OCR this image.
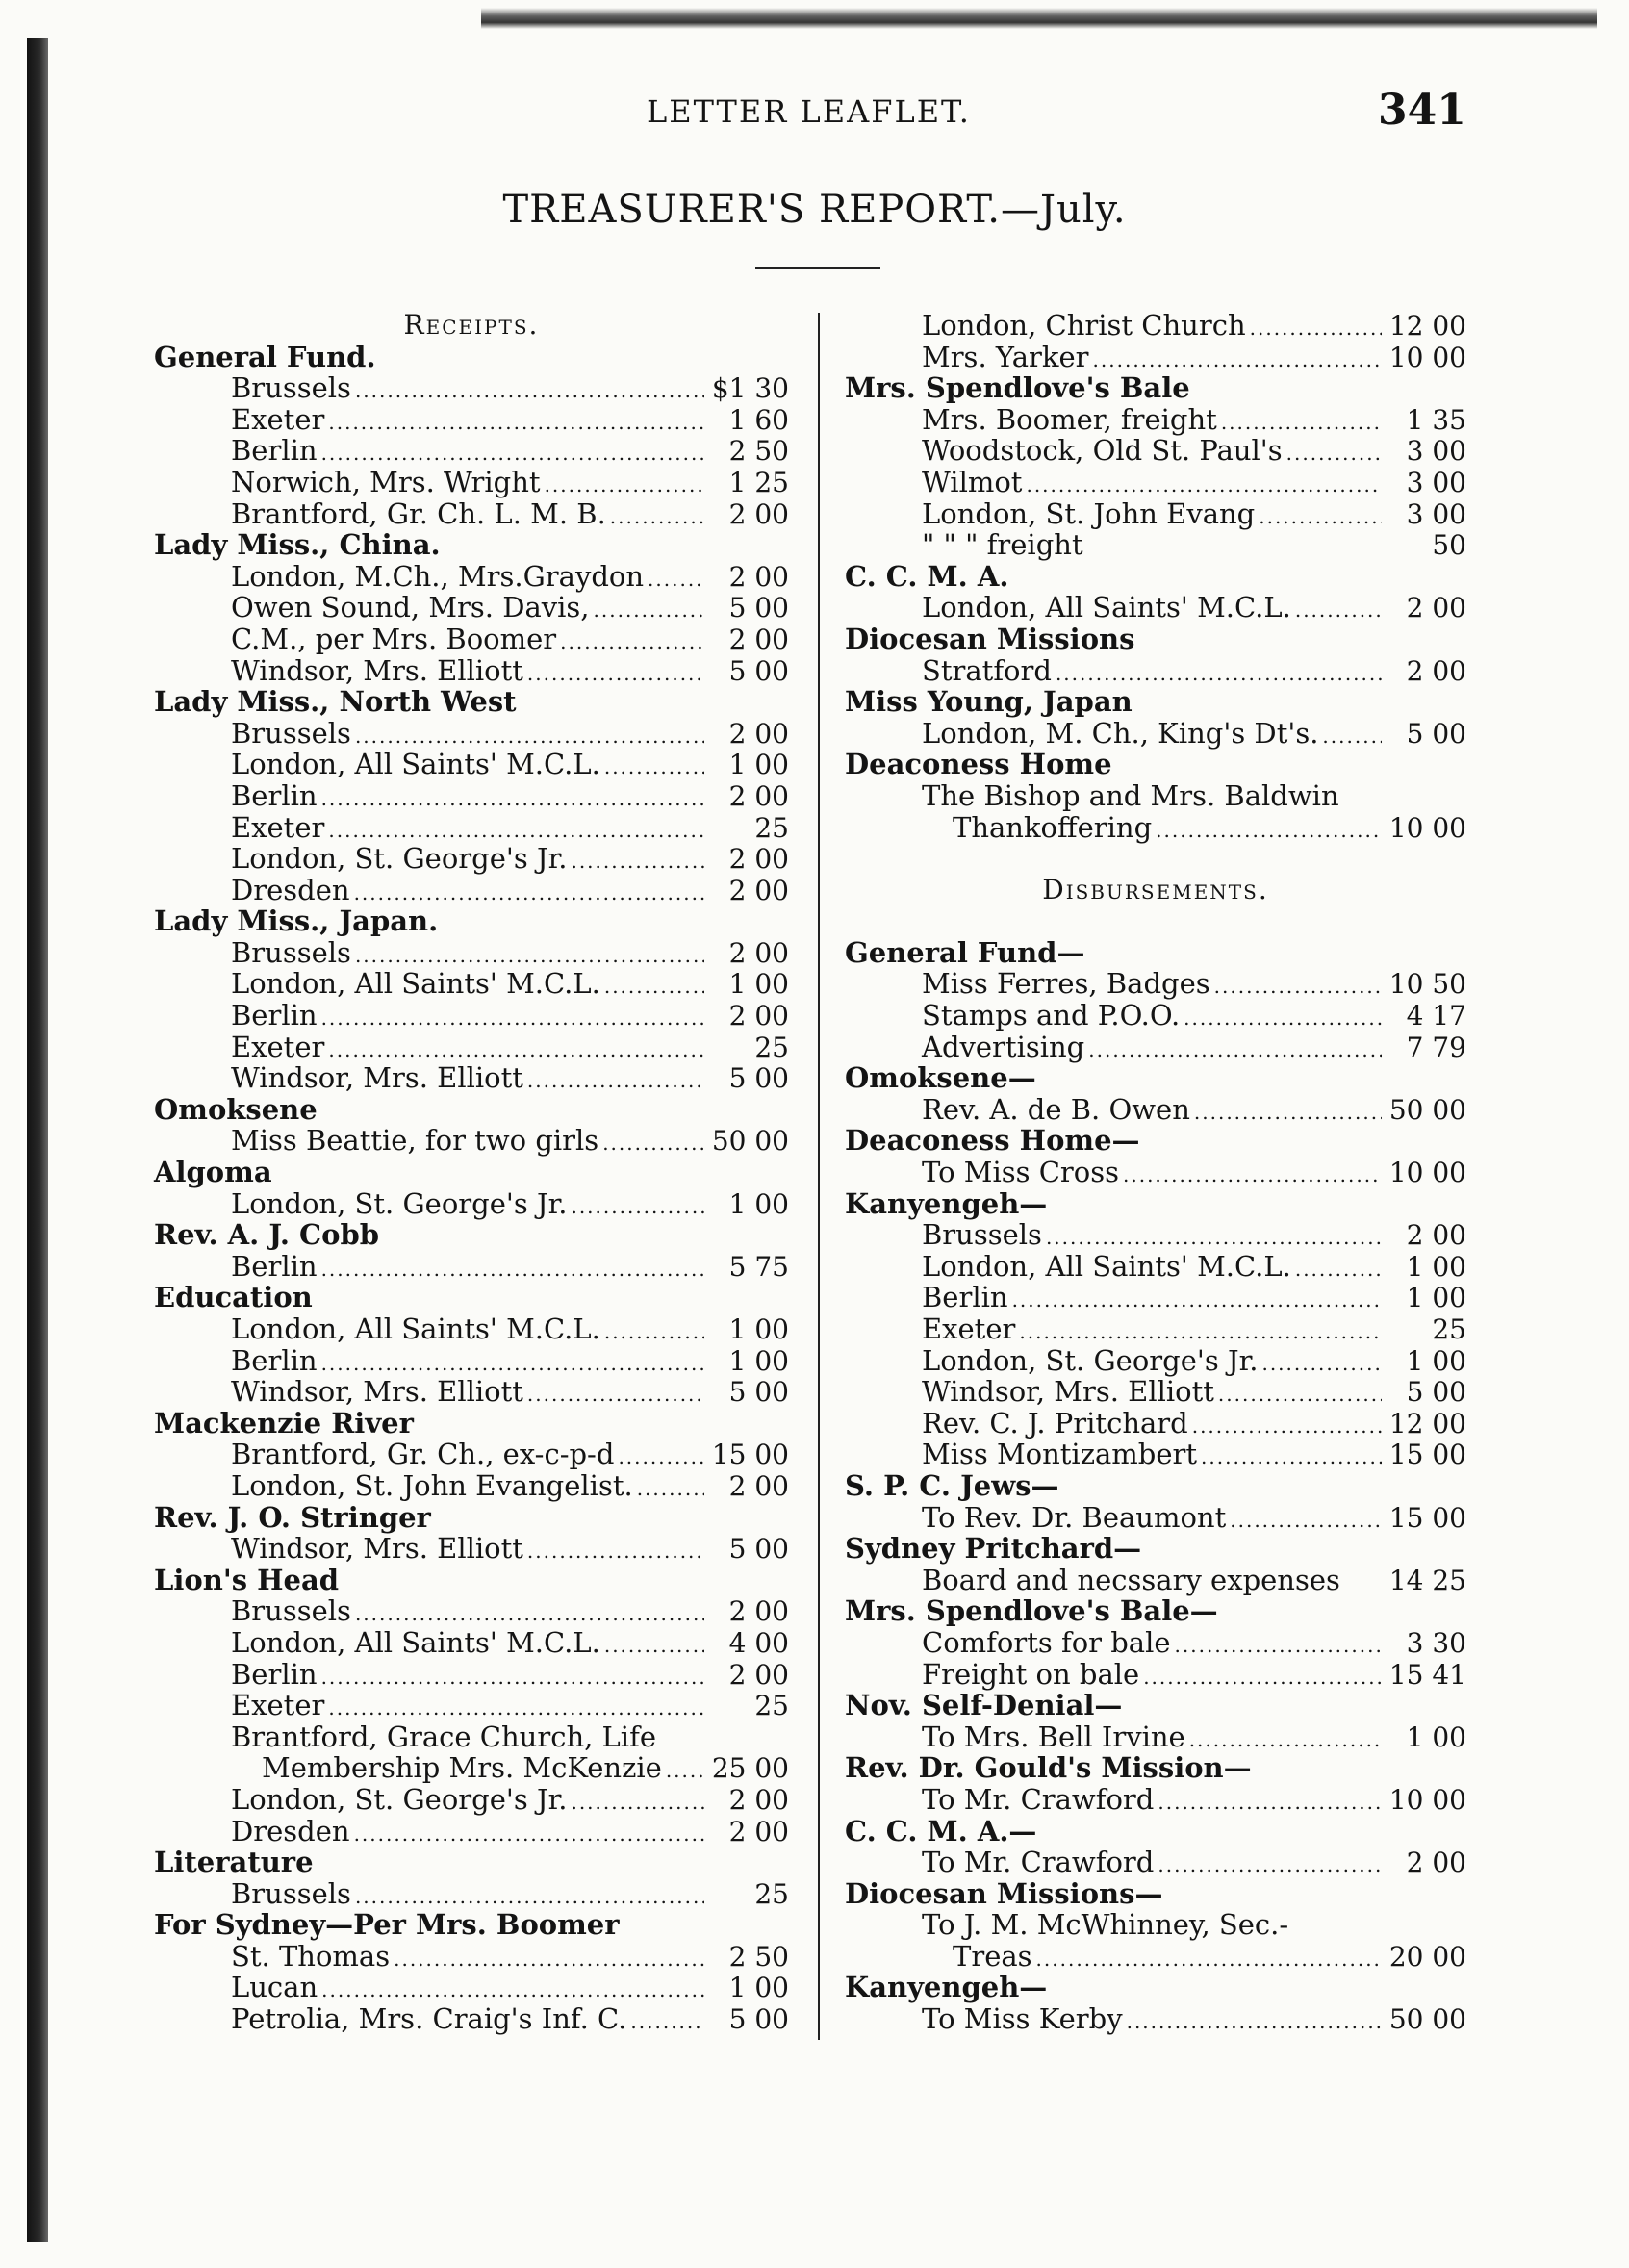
LETTER LEAFLET.	341
TREASURER'S REPORT.—July.
Receipts.
General Fund.
Brussels .....	$1 30
Exeter .....	1 60
Berlin .....	2 50
Norwich, Mrs. Wright .....	1 25
Brantford, Gr. Ch. L. M. B. .....	2 00
Lady Miss., China.
London, M.Ch., Mrs.Graydon .....	2 00
Owen Sound, Mrs. Davis, .....	5 00
C.M., per Mrs. Boomer .....	2 00
Windsor, Mrs. Elliott .....	5 00
Lady Miss., North West
Brussels .....	2 00
London, All Saints' M.C.L. .....	1 00
Berlin .....	2 00
Exeter .....	25
London, St. George's Jr. .....	2 00
Dresden .....	2 00
Lady Miss., Japan.
Brussels .....	2 00
London, All Saints' M.C.L. .....	1 00
Berlin .....	2 00
Exeter .....	25
Windsor, Mrs. Elliott .....	5 00
Omoksene
Miss Beattie, for two girls .....	50 00
Algoma
London, St. George's Jr. .....	1 00
Rev. A. J. Cobb
Berlin .....	5 75
Education
London, All Saints' M.C.L. .....	1 00
Berlin .....	1 00
Windsor, Mrs. Elliott .....	5 00
Mackenzie River
Brantford, Gr. Ch., ex-c-p-d .....	15 00
London, St. John Evangelist. .....	2 00
Rev. J. O. Stringer
Windsor, Mrs. Elliott .....	5 00
Lion's Head
Brussels .....	2 00
London, All Saints' M.C.L. .....	4 00
Berlin .....	2 00
Exeter .....	25
Brantford, Grace Church, Life
Membership Mrs. McKenzie ..... 25 00
London, St. George's Jr. .....	2 00
Dresden .....	2 00
Literature
Brussels .....	25
For Sydney—Per Mrs. Boomer
St. Thomas .....	2 50
Lucan .....	1 00
Petrolia, Mrs. Craig's Inf. C. .....	5 00
London, Christ Church .....	12 00
Mrs. Yarker .....	10 00
Mrs. Spendlove's Bale
Mrs. Boomer, freight .....	1 35
Woodstock, Old St. Paul's .....	3 00
Wilmot .....	3 00
London, St. John Evang .....	3 00
" " " freight	50
C. C. M. A.
London, All Saints' M.C.L. .....	2 00
Diocesan Missions
Stratford .....	2 00
Miss Young, Japan
London, M. Ch., King's Dt's. .....	5 00
Deaconess Home
The Bishop and Mrs. Baldwin
Thankoffering .....	10 00
Disbursements.
General Fund—
Miss Ferres, Badges .....	10 50
Stamps and P.O.O. .....	4 17
Advertising .....	7 79
Omoksene—
Rev. A. de B. Owen .....	50 00
Deaconess Home—
To Miss Cross .....	10 00
Kanyengeh—
Brussels .....	2 00
London, All Saints' M.C.L. .....	1 00
Berlin .....	1 00
Exeter .....	25
London, St. George's Jr. .....	1 00
Windsor, Mrs. Elliott .....	5 00
Rev. C. J. Pritchard .....	12 00
Miss Montizambert .....	15 00
S. P. C. Jews—
To Rev. Dr. Beaumont .....	15 00
Sydney Pritchard—
Board and necssary expenses 14 25
Mrs. Spendlove's Bale—
Comforts for bale .....	3 30
Freight on bale .....	15 41
Nov. Self-Denial—
To Mrs. Bell Irvine .....	1 00
Rev. Dr. Gould's Mission—
To Mr. Crawford .....	10 00
C. C. M. A.—
To Mr. Crawford .....	2 00
Diocesan Missions—
To J. M. McWhinney, Sec.-
Treas .....	20 00
Kanyengeh—
To Miss Kerby .....	50 00
